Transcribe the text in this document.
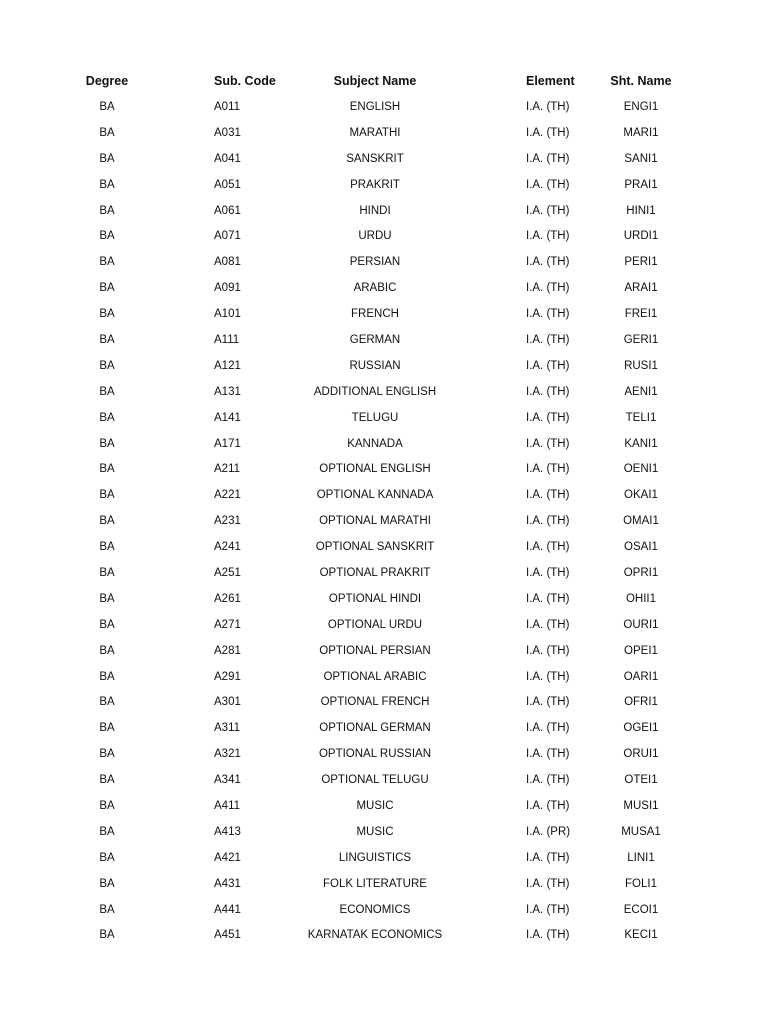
Degree	Sub. Code	Subject Name	Element	Sht. Name
BA	A011	ENGLISH	I.A. (TH)	ENGI1
BA	A031	MARATHI	I.A. (TH)	MARI1
BA	A041	SANSKRIT	I.A. (TH)	SANI1
BA	A051	PRAKRIT	I.A. (TH)	PRAI1
BA	A061	HINDI	I.A. (TH)	HINI1
BA	A071	URDU	I.A. (TH)	URDI1
BA	A081	PERSIAN	I.A. (TH)	PERI1
BA	A091	ARABIC	I.A. (TH)	ARAI1
BA	A101	FRENCH	I.A. (TH)	FREI1
BA	A111	GERMAN	I.A. (TH)	GERI1
BA	A121	RUSSIAN	I.A. (TH)	RUSI1
BA	A131	ADDITIONAL ENGLISH	I.A. (TH)	AENI1
BA	A141	TELUGU	I.A. (TH)	TELI1
BA	A171	KANNADA	I.A. (TH)	KANI1
BA	A211	OPTIONAL ENGLISH	I.A. (TH)	OENI1
BA	A221	OPTIONAL KANNADA	I.A. (TH)	OKAI1
BA	A231	OPTIONAL MARATHI	I.A. (TH)	OMAI1
BA	A241	OPTIONAL SANSKRIT	I.A. (TH)	OSAI1
BA	A251	OPTIONAL PRAKRIT	I.A. (TH)	OPRI1
BA	A261	OPTIONAL HINDI	I.A. (TH)	OHII1
BA	A271	OPTIONAL URDU	I.A. (TH)	OURI1
BA	A281	OPTIONAL PERSIAN	I.A. (TH)	OPEI1
BA	A291	OPTIONAL ARABIC	I.A. (TH)	OARI1
BA	A301	OPTIONAL FRENCH	I.A. (TH)	OFRI1
BA	A311	OPTIONAL GERMAN	I.A. (TH)	OGEI1
BA	A321	OPTIONAL RUSSIAN	I.A. (TH)	ORUI1
BA	A341	OPTIONAL TELUGU	I.A. (TH)	OTEI1
BA	A411	MUSIC	I.A. (TH)	MUSI1
BA	A413	MUSIC	I.A. (PR)	MUSA1
BA	A421	LINGUISTICS	I.A. (TH)	LINI1
BA	A431	FOLK LITERATURE	I.A. (TH)	FOLI1
BA	A441	ECONOMICS	I.A. (TH)	ECOI1
BA	A451	KARNATAK ECONOMICS	I.A. (TH)	KECI1
